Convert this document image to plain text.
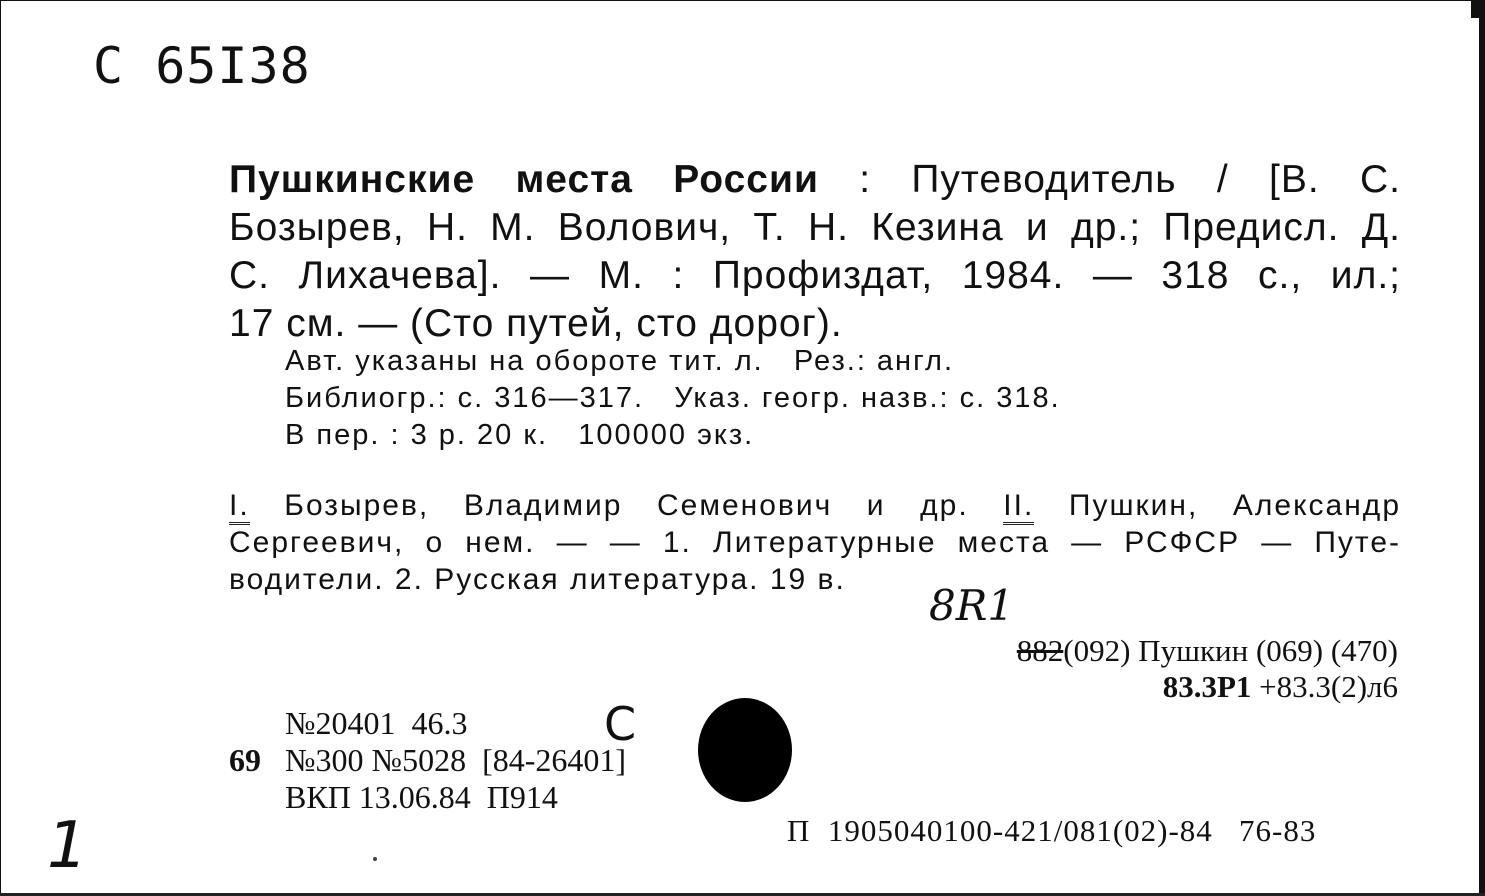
С 65I38
Пушкинские места России : Путеводитель / [В. С.
Бозырев, Н. М. Волович, Т. Н. Кезина и др.; Предисл. Д.
С. Лихачева]. — М. : Профиздат, 1984. — 318 с., ил.;
17 см. — (Сто путей, сто дорог).
Авт. указаны на обороте тит. л.   Рез.: англ.
Библиогр.: с. 316—317.   Указ. геогр. назв.: с. 318.
В пер. : 3 р. 20 к.   100000 экз.
I. Бозырев, Владимир Семенович и др. II. Пушкин, Александр
Сергеевич, о нем. — — 1. Литературные места — РСФСР — Путе-
водители. 2. Русская литература. 19 в.
8R1
882(092) Пушкин (069) (470)
83.3Р1 +83.3(2)л6
№20401  46.3
69 №300 №5028  [84-26401]
ВКП 13.06.84  П914
С
П  1905040100-421/081(02)-84   76-83
1
